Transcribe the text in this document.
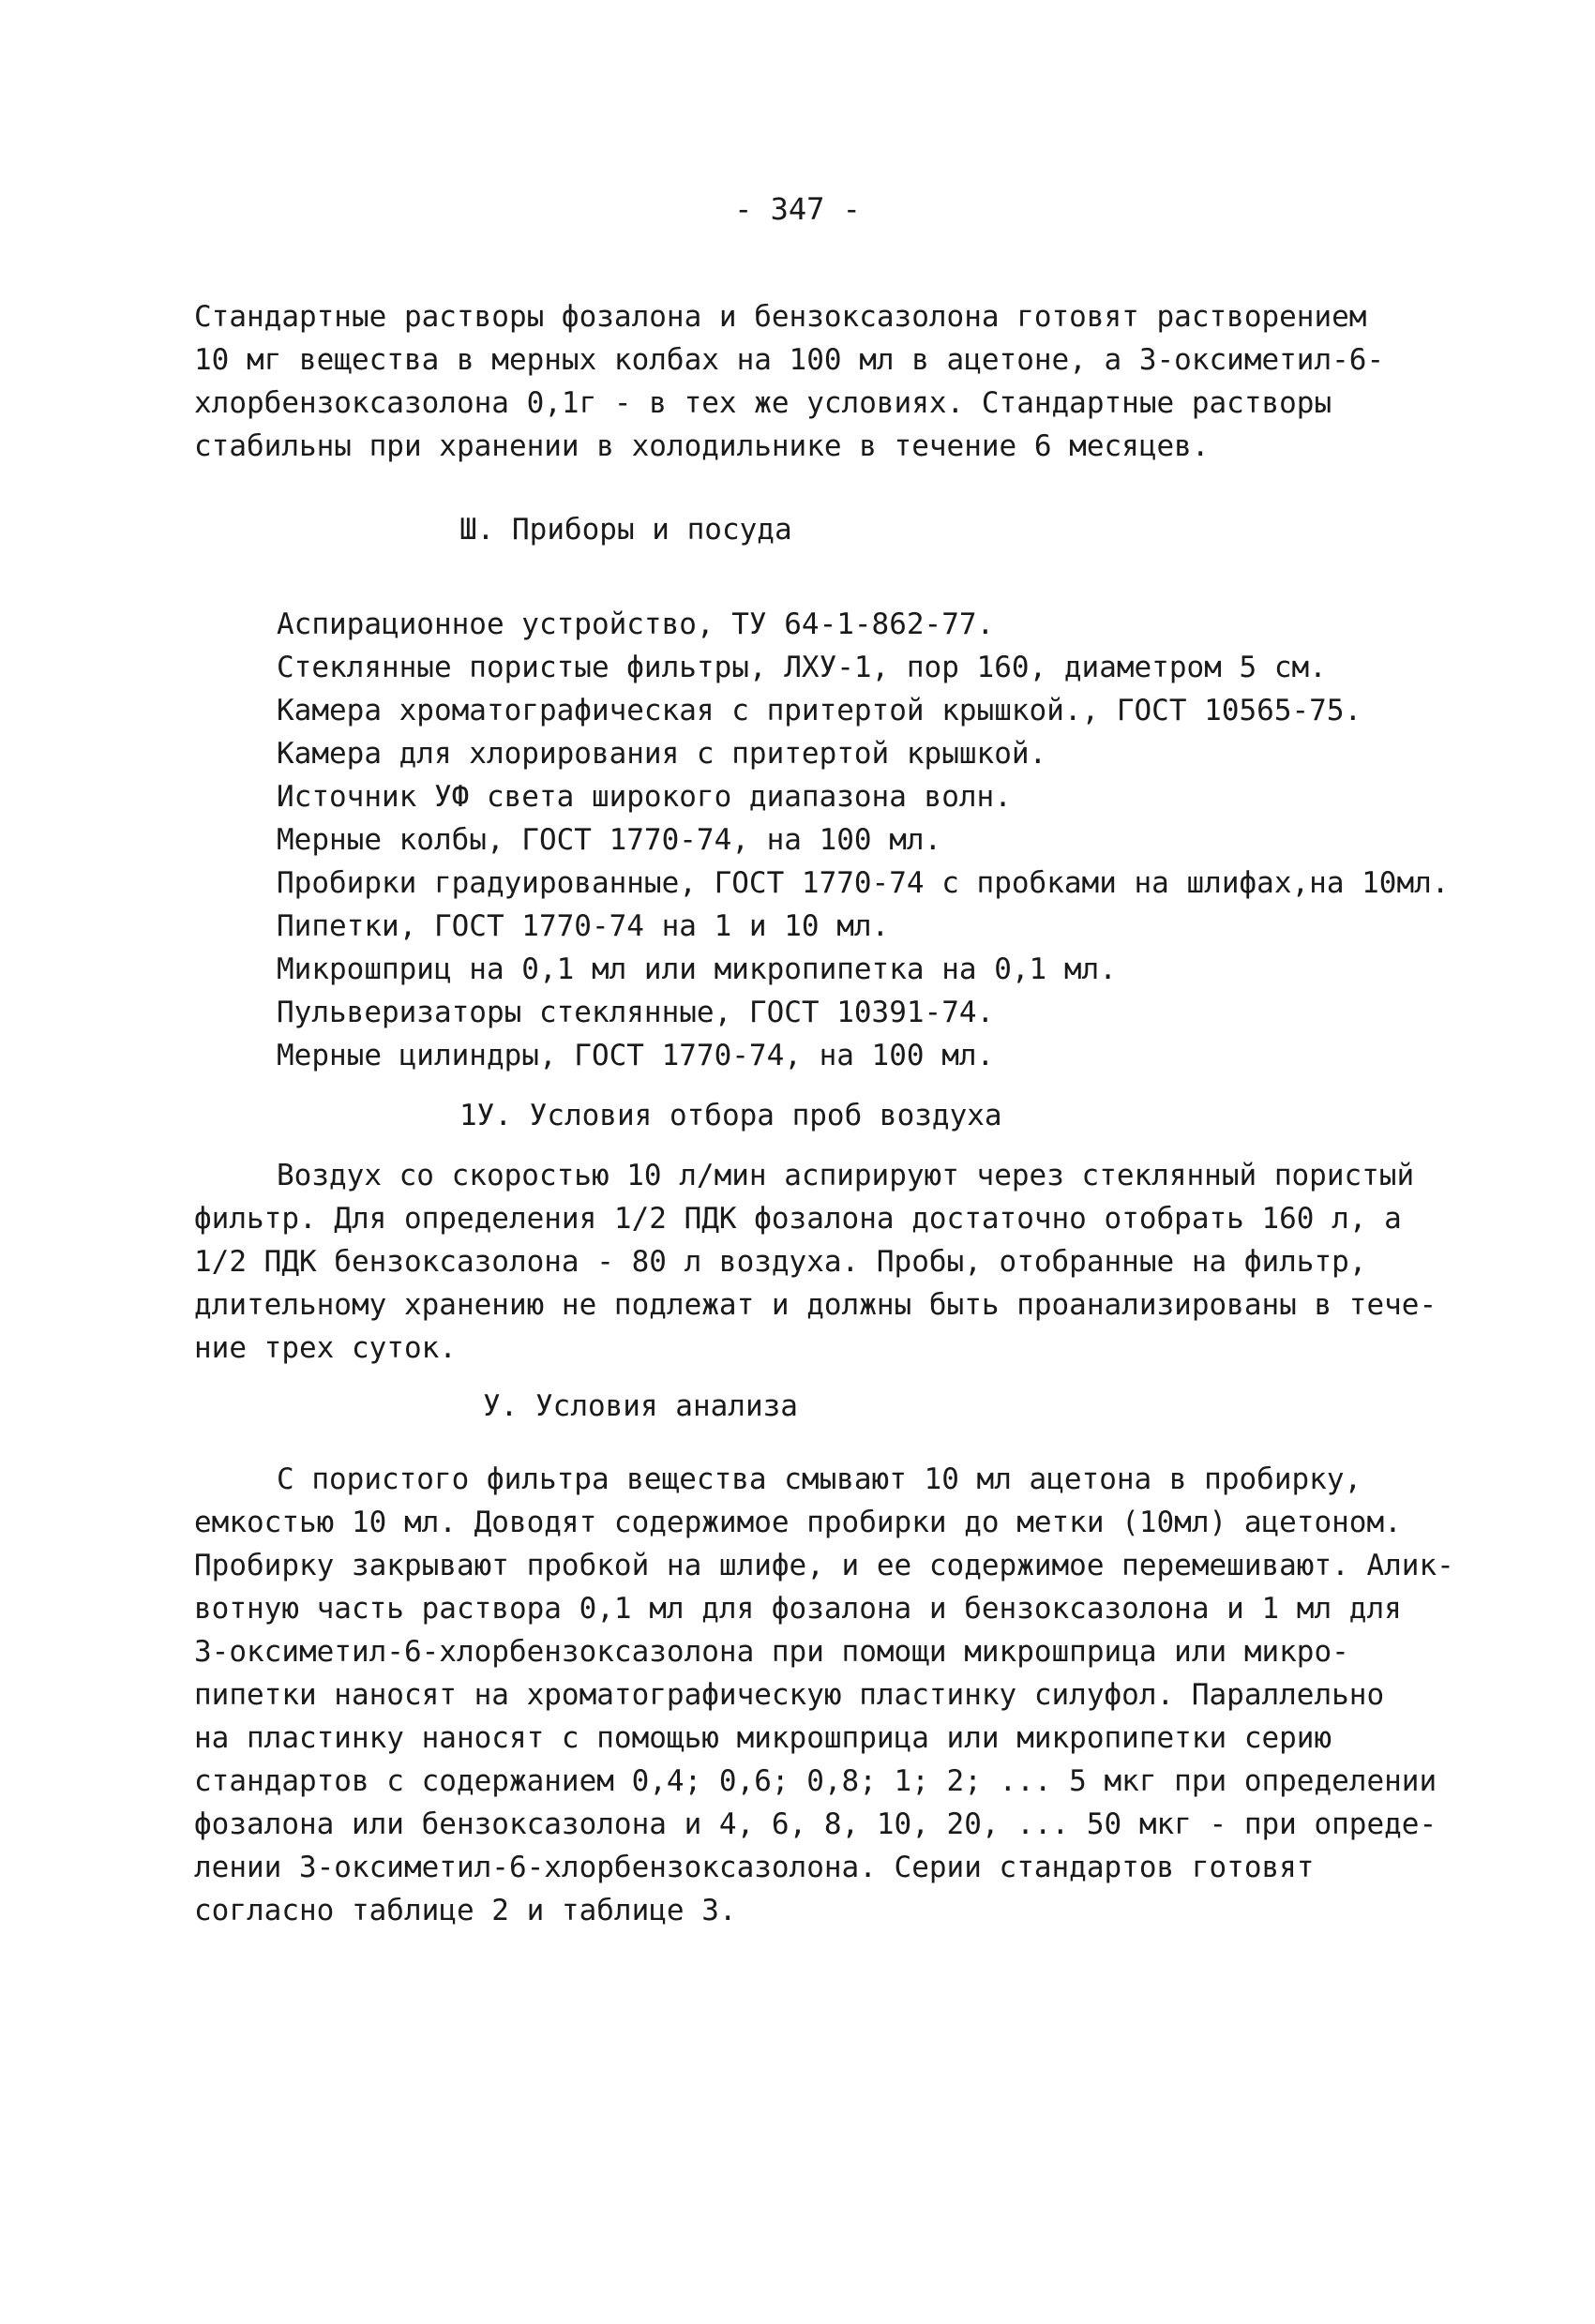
- 347 -
Стандартные растворы фозалона и бензоксазолона готовят растворением
10 мг вещества в мерных колбах на 100 мл в ацетоне, а 3-оксиметил-6-
хлорбензоксазолона 0,1г - в тех же условиях. Стандартные растворы
стабильны при хранении в холодильнике в течение 6 месяцев.
Ш. Приборы и посуда
Аспирационное устройство, ТУ 64-1-862-77.
Стеклянные пористые фильтры, ЛХУ-1, пор 160, диаметром 5 см.
Камера хроматографическая с притертой крышкой., ГОСТ 10565-75.
Камера для хлорирования с притертой крышкой.
Источник УФ света широкого диапазона волн.
Мерные колбы, ГОСТ 1770-74, на 100 мл.
Пробирки градуированные, ГОСТ 1770-74 с пробками на шлифах,на 10мл.
Пипетки, ГОСТ 1770-74 на 1 и 10 мл.
Микрошприц на 0,1 мл или микропипетка на 0,1 мл.
Пульверизаторы стеклянные, ГОСТ 10391-74.
Мерные цилиндры, ГОСТ 1770-74, на 100 мл.
1У. Условия отбора проб воздуха
Воздух со скоростью 10 л/мин аспирируют через стеклянный пористый
фильтр. Для определения 1/2 ПДК фозалона достаточно отобрать 160 л, а
1/2 ПДК бензоксазолона - 80 л воздуха. Пробы, отобранные на фильтр,
длительному хранению не подлежат и должны быть проанализированы в тече-
ние трех суток.
У. Условия анализа
С пористого фильтра вещества смывают 10 мл ацетона в пробирку,
емкостью 10 мл. Доводят содержимое пробирки до метки (10мл) ацетоном.
Пробирку закрывают пробкой на шлифе, и ее содержимое перемешивают. Алик-
вотную часть раствора 0,1 мл для фозалона и бензоксазолона и 1 мл для
3-оксиметил-6-хлорбензоксазолона при помощи микрошприца или микро-
пипетки наносят на хроматографическую пластинку силуфол. Параллельно
на пластинку наносят с помощью микрошприца или микропипетки серию
стандартов с содержанием 0,4; 0,6; 0,8; 1; 2; ... 5 мкг при определении
фозалона или бензоксазолона и 4, 6, 8, 10, 20, ... 50 мкг - при опреде-
лении 3-оксиметил-6-хлорбензоксазолона. Серии стандартов готовят
согласно таблице 2 и таблице 3.
